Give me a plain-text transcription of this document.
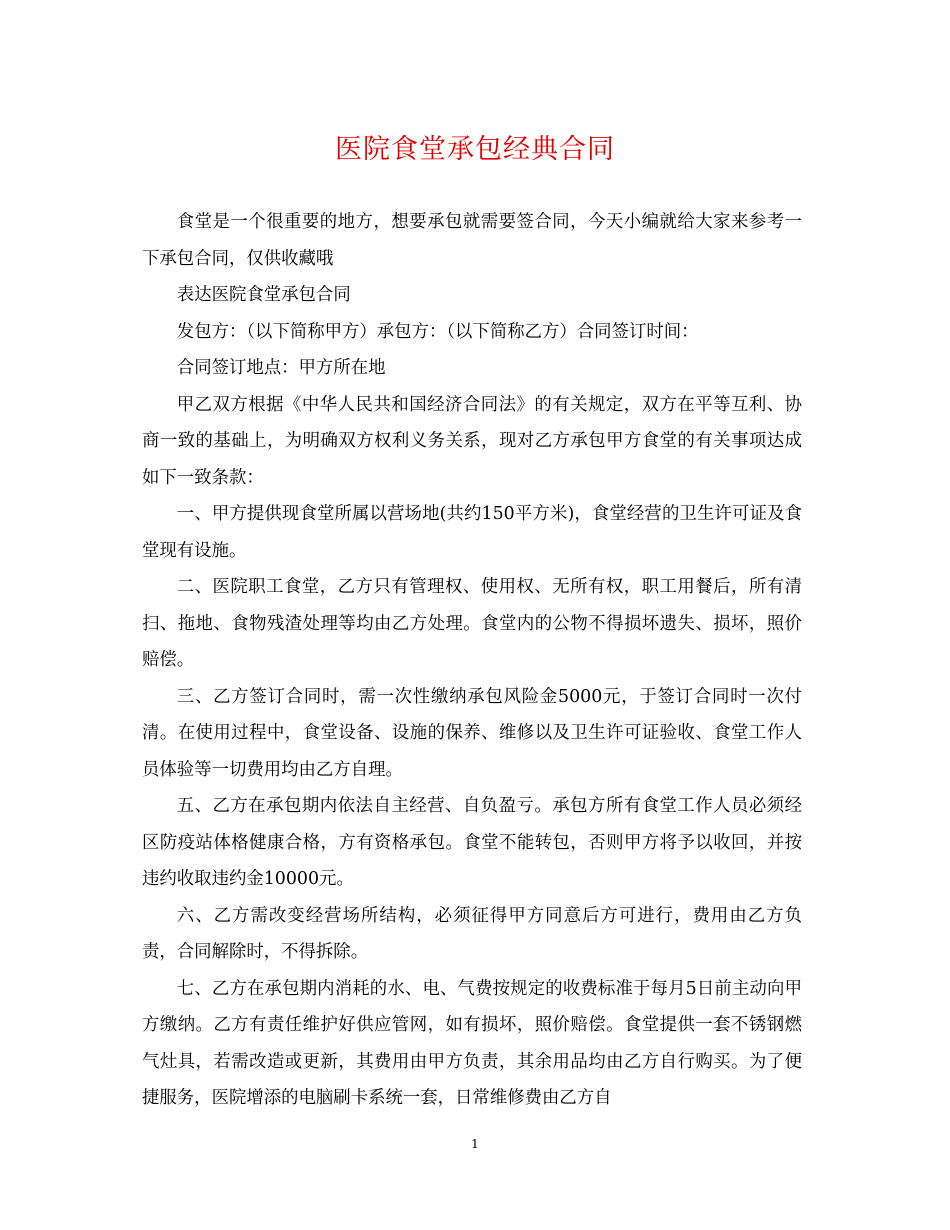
医院食堂承包经典合同

食堂是一个很重要的地方，想要承包就需要签合同，今天小编就给大家来参考一下承包合同，仅供收藏哦

表达医院食堂承包合同

发包方：（以下简称甲方）承包方：（以下简称乙方）合同签订时间：

合同签订地点：甲方所在地

甲乙双方根据《中华人民共和国经济合同法》的有关规定，双方在平等互利、协商一致的基础上，为明确双方权利义务关系，现对乙方承包甲方食堂的有关事项达成如下一致条款：

一、甲方提供现食堂所属以营场地(共约150平方米)，食堂经营的卫生许可证及食堂现有设施。

二、医院职工食堂，乙方只有管理权、使用权、无所有权，职工用餐后，所有清扫、拖地、食物残渣处理等均由乙方处理。食堂内的公物不得损坏遗失、损坏，照价赔偿。

三、乙方签订合同时，需一次性缴纳承包风险金5000元，于签订合同时一次付清。在使用过程中，食堂设备、设施的保养、维修以及卫生许可证验收、食堂工作人员体验等一切费用均由乙方自理。

五、乙方在承包期内依法自主经营、自负盈亏。承包方所有食堂工作人员必须经区防疫站体格健康合格，方有资格承包。食堂不能转包，否则甲方将予以收回，并按违约收取违约金10000元。

六、乙方需改变经营场所结构，必须征得甲方同意后方可进行，费用由乙方负责，合同解除时，不得拆除。

七、乙方在承包期内消耗的水、电、气费按规定的收费标准于每月5日前主动向甲方缴纳。乙方有责任维护好供应管网，如有损坏，照价赔偿。食堂提供一套不锈钢燃气灶具，若需改造或更新，其费用由甲方负责，其余用品均由乙方自行购买。为了便捷服务，医院增添的电脑刷卡系统一套，日常维修费由乙方自

1
